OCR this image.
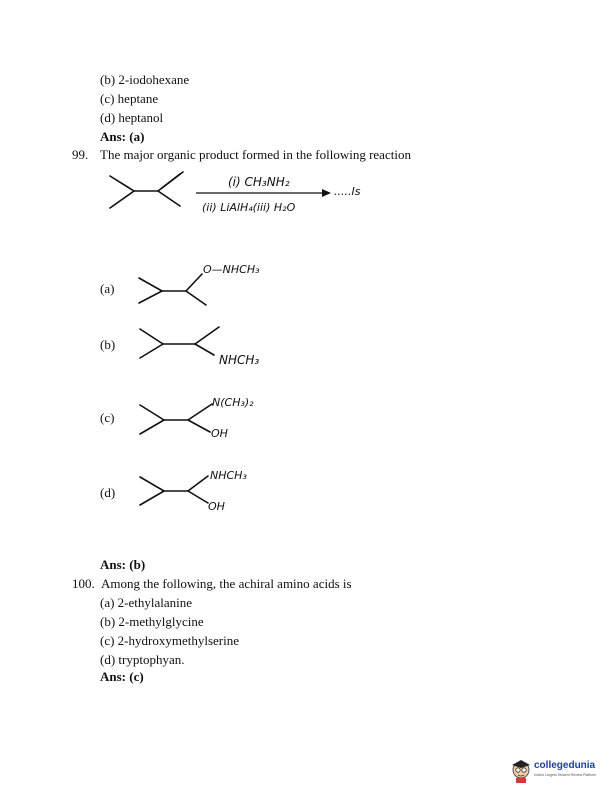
(b) 2-iodohexane
(c) heptane
(d) heptanol
Ans: (a)
99. The major organic product formed in the following reaction
(a)
(b)
(c)
(d)
Ans: (b)
100. Among the following, the achiral amino acids is
(a) 2-ethylalanine
(b) 2-methylglycine
(c) 2-hydroxymethylserine
(d) tryptophyan.
Ans: (c)
(i) CH₃NH₂
(ii) LiAlH₄(iii) H₂O
.....Is
O—NHCH₃
NHCH₃
N(CH₃)₂
OH
NHCH₃
OH
collegedunia
India's Largest Student Review Platform
